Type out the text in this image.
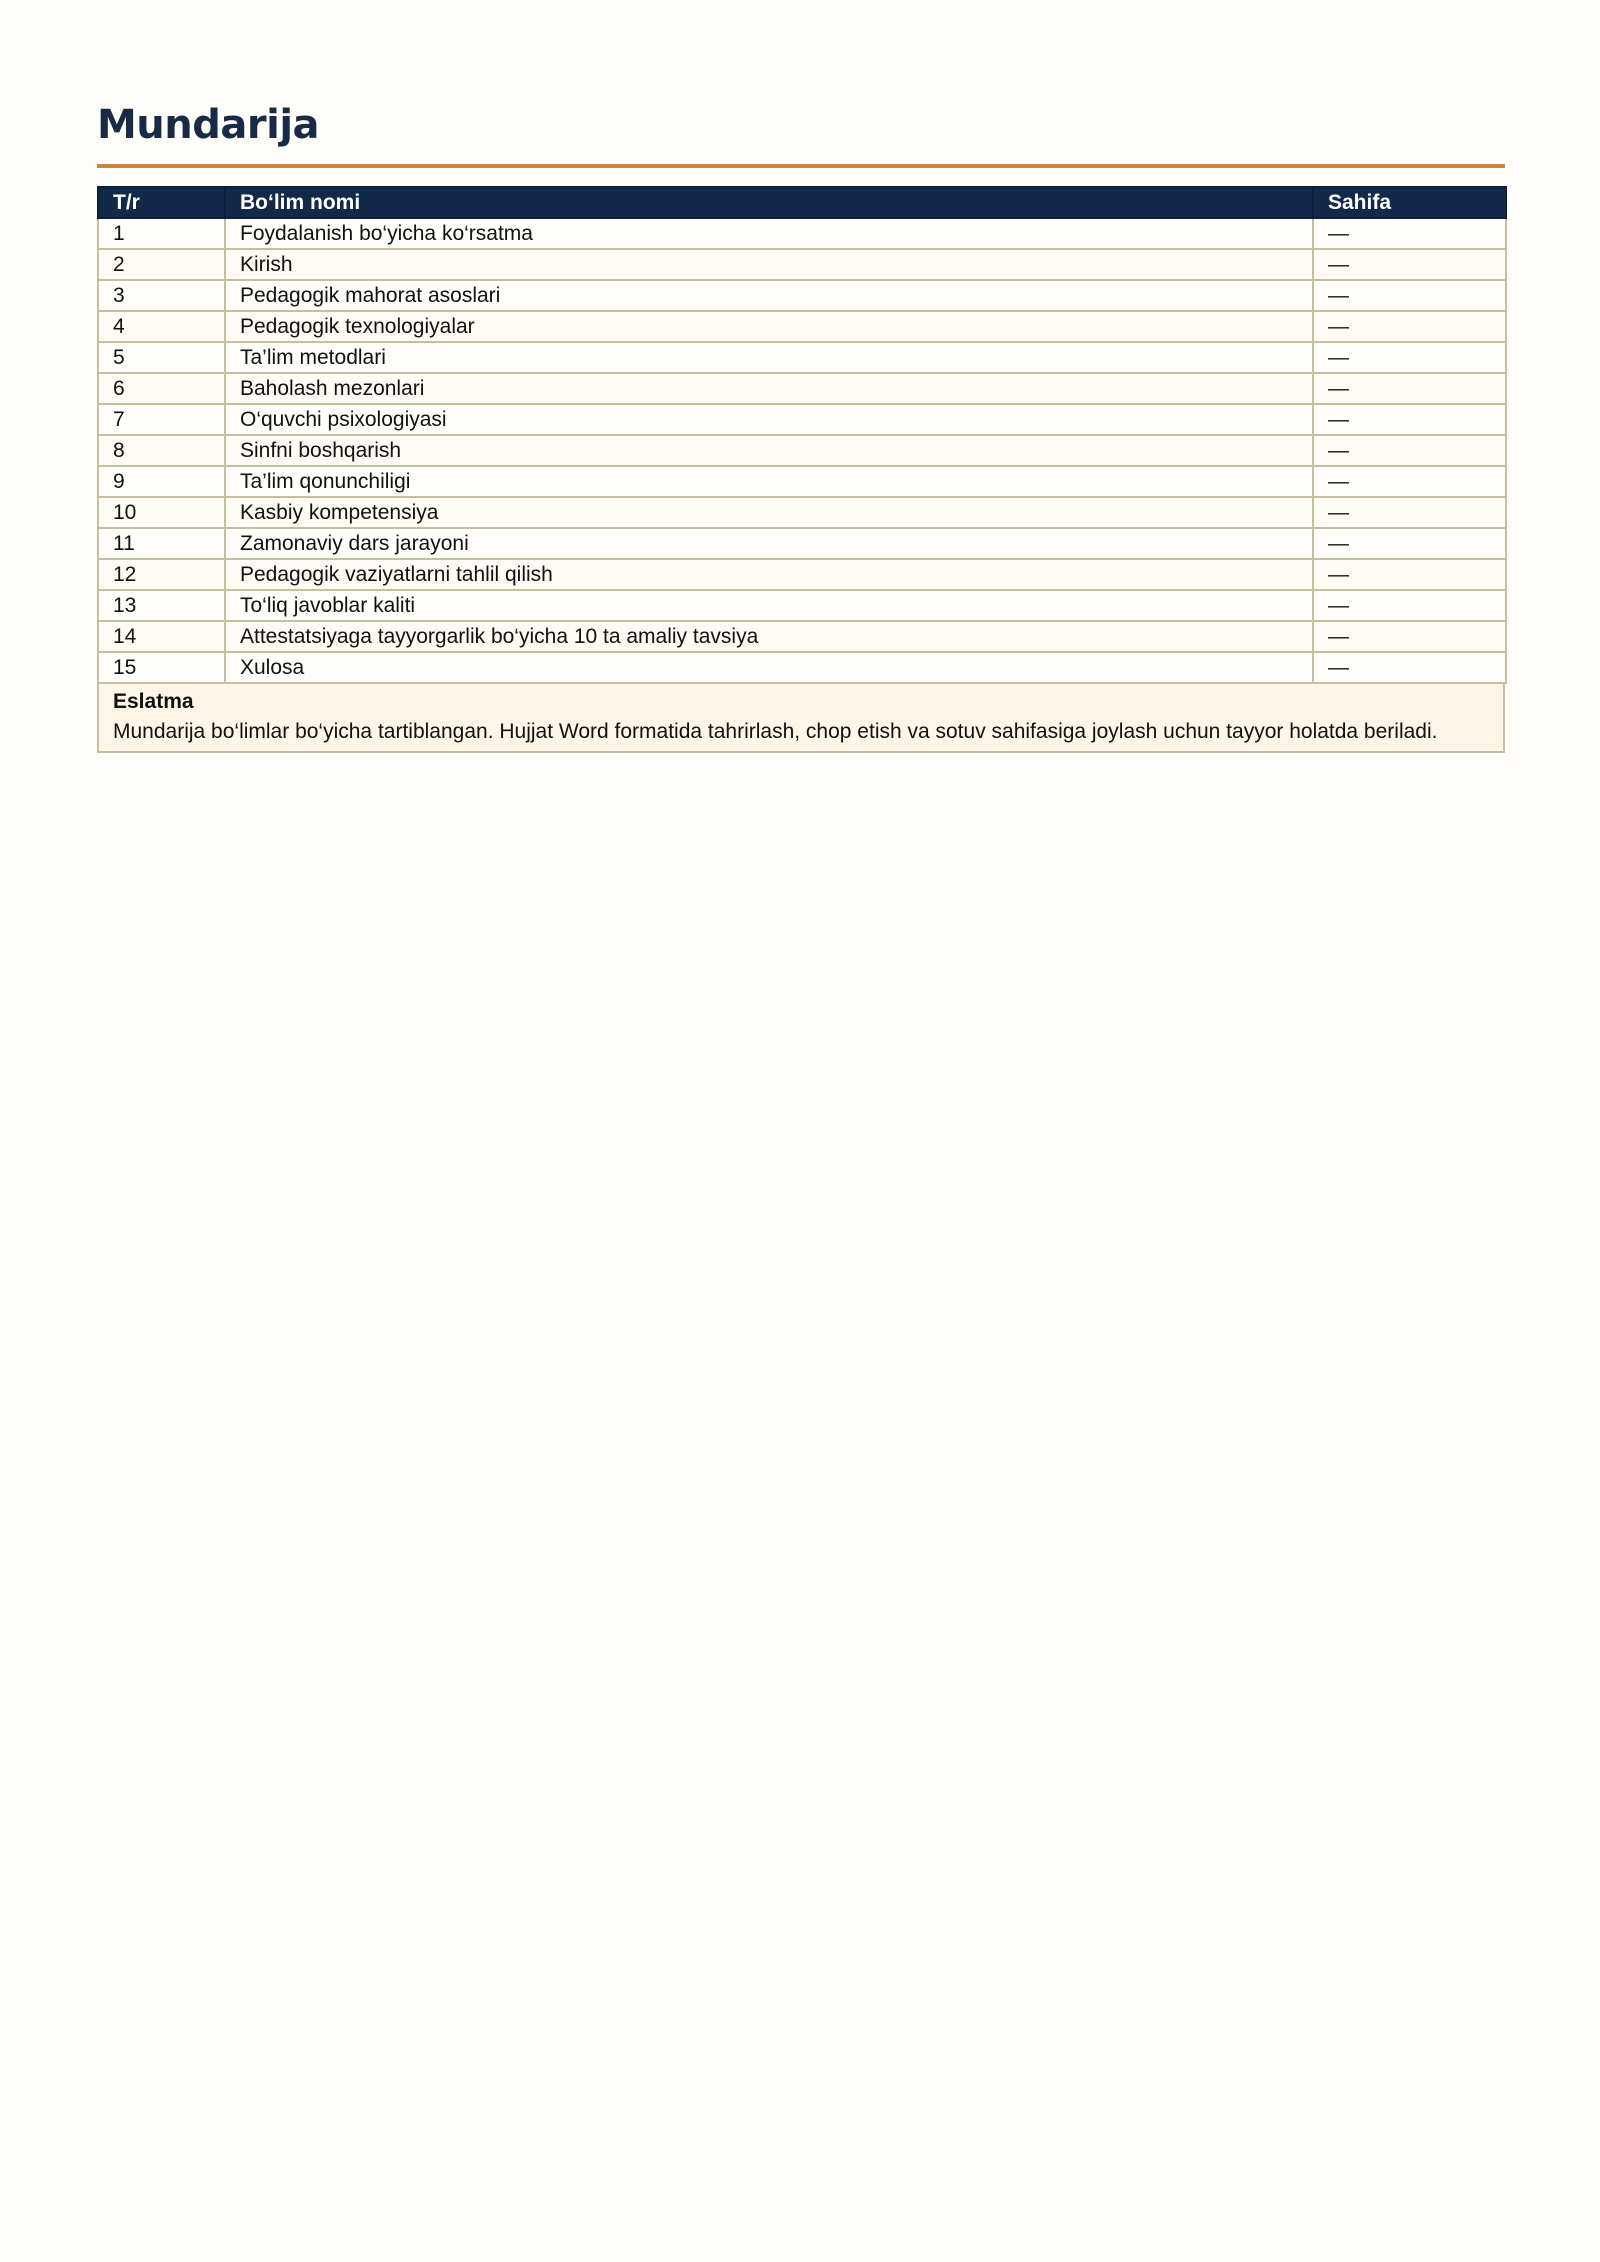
Mundarija
T/r	Bo‘lim nomi	Sahifa
1	Foydalanish bo‘yicha ko‘rsatma	—
2	Kirish	—
3	Pedagogik mahorat asoslari	—
4	Pedagogik texnologiyalar	—
5	Ta’lim metodlari	—
6	Baholash mezonlari	—
7	O‘quvchi psixologiyasi	—
8	Sinfni boshqarish	—
9	Ta’lim qonunchiligi	—
10	Kasbiy kompetensiya	—
11	Zamonaviy dars jarayoni	—
12	Pedagogik vaziyatlarni tahlil qilish	—
13	To‘liq javoblar kaliti	—
14	Attestatsiyaga tayyorgarlik bo‘yicha 10 ta amaliy tavsiya	—
15	Xulosa	—
Eslatma
Mundarija bo‘limlar bo‘yicha tartiblangan. Hujjat Word formatida tahrirlash, chop etish va sotuv sahifasiga joylash uchun tayyor holatda beriladi.
